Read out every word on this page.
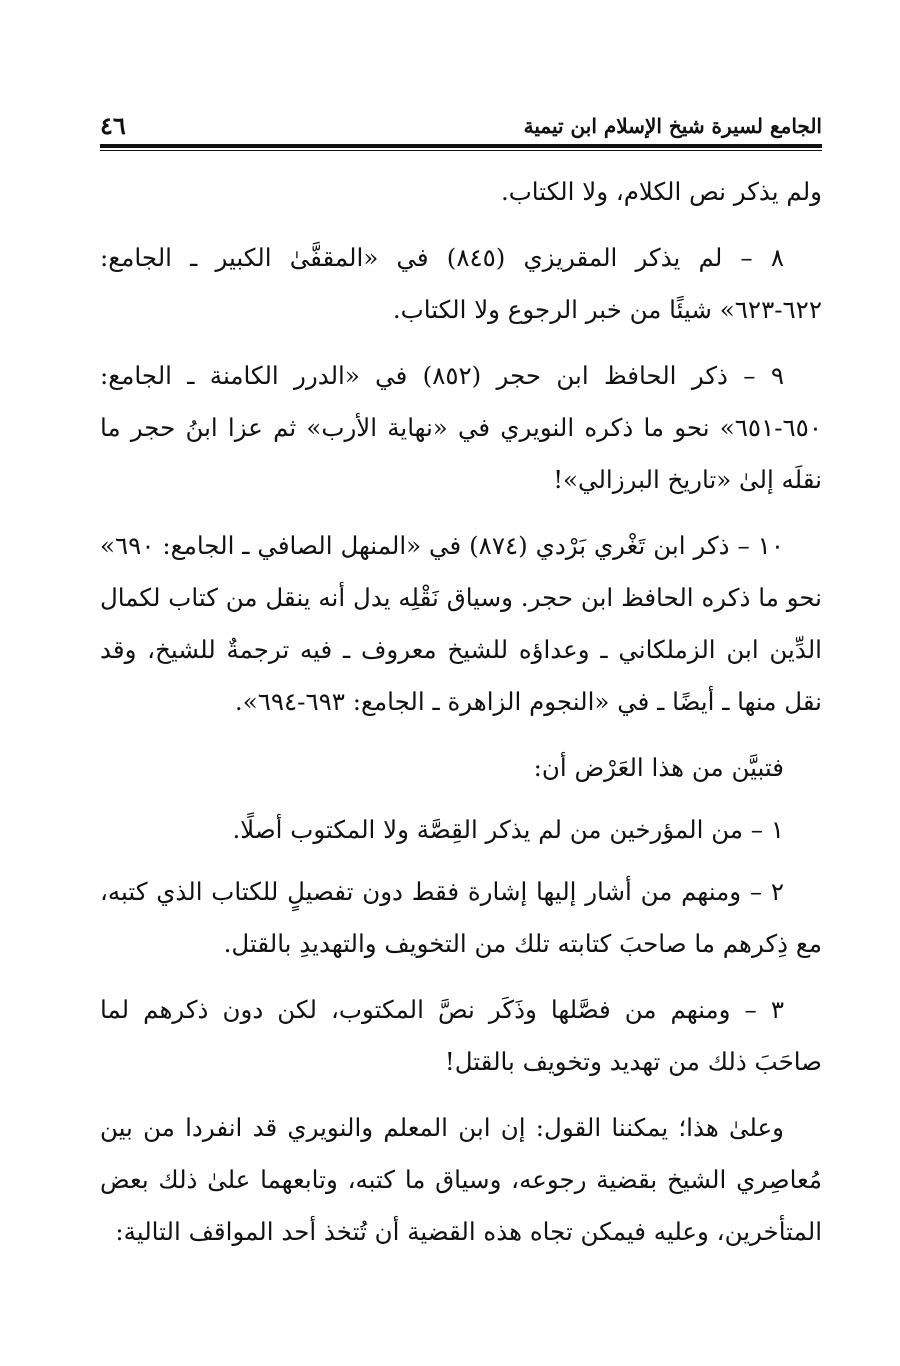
٤٦	الجامع لسيرة شيخ الإسلام ابن تيمية

ولم يذكر نص الكلام، ولا الكتاب.

٨ – لم يذكر المقريزي (٨٤٥) في «المقفَّىٰ الكبير ـ الجامع: ٦٢٢-٦٢٣» شيئًا من خبر الرجوع ولا الكتاب.

٩ – ذكر الحافظ ابن حجر (٨٥٢) في «الدرر الكامنة ـ الجامع: ٦٥٠-٦٥١» نحو ما ذكره النويري في «نهاية الأرب» ثم عزا ابنُ حجر ما نقلَه إلىٰ «تاريخ البرزالي»!

١٠ – ذكر ابن تَغْري بَرْدي (٨٧٤) في «المنهل الصافي ـ الجامع: ٦٩٠» نحو ما ذكره الحافظ ابن حجر. وسياق نَقْلِه يدل أنه ينقل من كتاب لكمال الدِّين ابن الزملكاني ـ وعداؤه للشيخ معروف ـ فيه ترجمةٌ للشيخ، وقد نقل منها ـ أيضًا ـ في «النجوم الزاهرة ـ الجامع: ٦٩٣-٦٩٤».

فتبيَّن من هذا العَرْض أن:

١ – من المؤرخين من لم يذكر القِصَّة ولا المكتوب أصلًا.

٢ – ومنهم من أشار إليها إشارة فقط دون تفصيلٍ للكتاب الذي كتبه، مع ذِكرهم ما صاحبَ كتابته تلك من التخويف والتهديدِ بالقتل.

٣ – ومنهم من فصَّلها وذَكَر نصَّ المكتوب، لكن دون ذكرهم لما صاحَبَ ذلك من تهديد وتخويف بالقتل!

وعلىٰ هذا؛ يمكننا القول: إن ابن المعلم والنويري قد انفردا من بين مُعاصِري الشيخ بقضية رجوعه، وسياق ما كتبه، وتابعهما علىٰ ذلك بعض المتأخرين، وعليه فيمكن تجاه هذه القضية أن تُتخذ أحد المواقف التالية:
